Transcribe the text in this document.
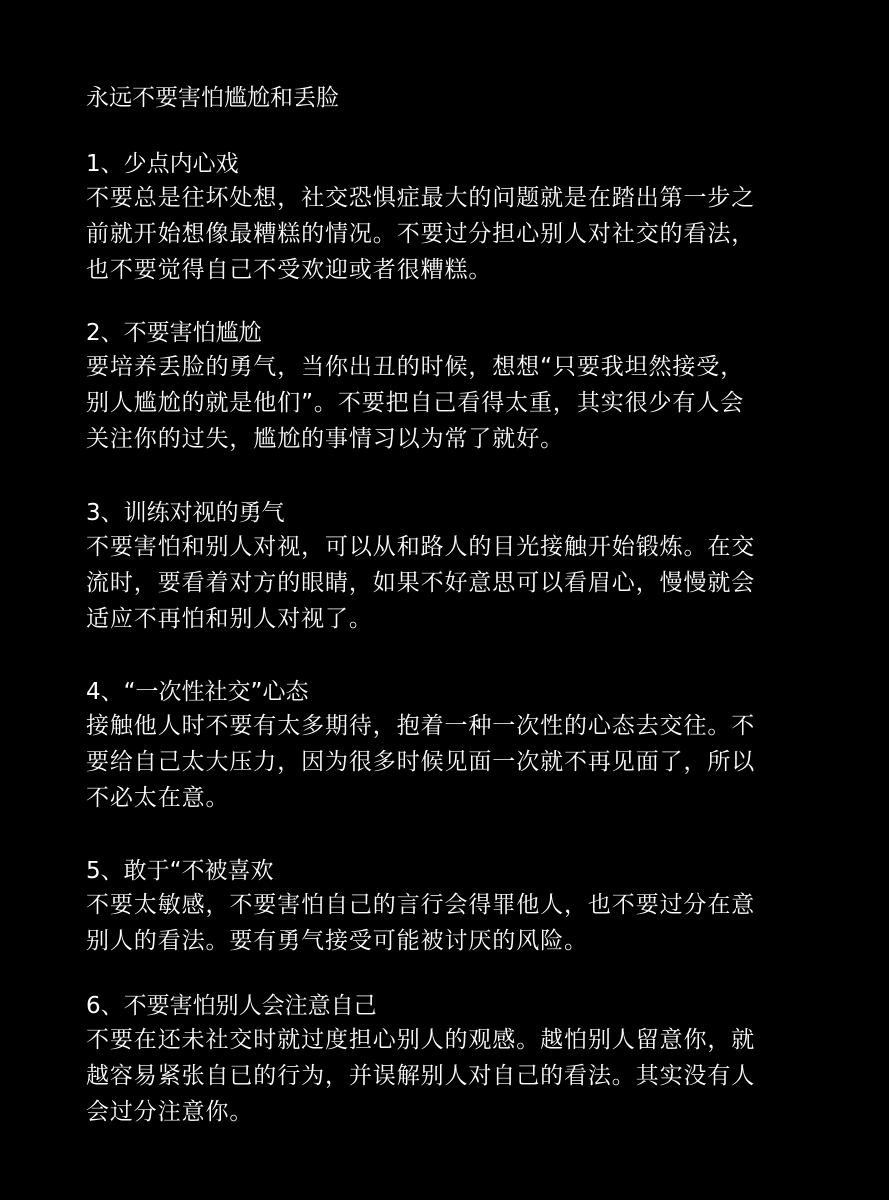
永远不要害怕尴尬和丢脸

1、少点内心戏

不要总是往坏处想，社交恐惧症最大的问题就是在踏出第一步之

前就开始想像最糟糕的情况。不要过分担心别人对社交的看法，

也不要觉得自己不受欢迎或者很糟糕。

2、不要害怕尴尬

要培养丢脸的勇气，当你出丑的时候，想想“只要我坦然接受，

别人尴尬的就是他们”。不要把自己看得太重，其实很少有人会

关注你的过失，尴尬的事情习以为常了就好。

3、训练对视的勇气

不要害怕和别人对视，可以从和路人的目光接触开始锻炼。在交

流时，要看着对方的眼睛，如果不好意思可以看眉心，慢慢就会

适应不再怕和别人对视了。

4、“一次性社交”心态

接触他人时不要有太多期待，抱着一种一次性的心态去交往。不

要给自己太大压力，因为很多时候见面一次就不再见面了，所以

不必太在意。

5、敢于“不被喜欢

不要太敏感，不要害怕自己的言行会得罪他人，也不要过分在意

别人的看法。要有勇气接受可能被讨厌的风险。

6、不要害怕别人会注意自己

不要在还未社交时就过度担心别人的观感。越怕别人留意你，就

越容易紧张自已的行为，并误解别人对自己的看法。其实没有人

会过分注意你。
